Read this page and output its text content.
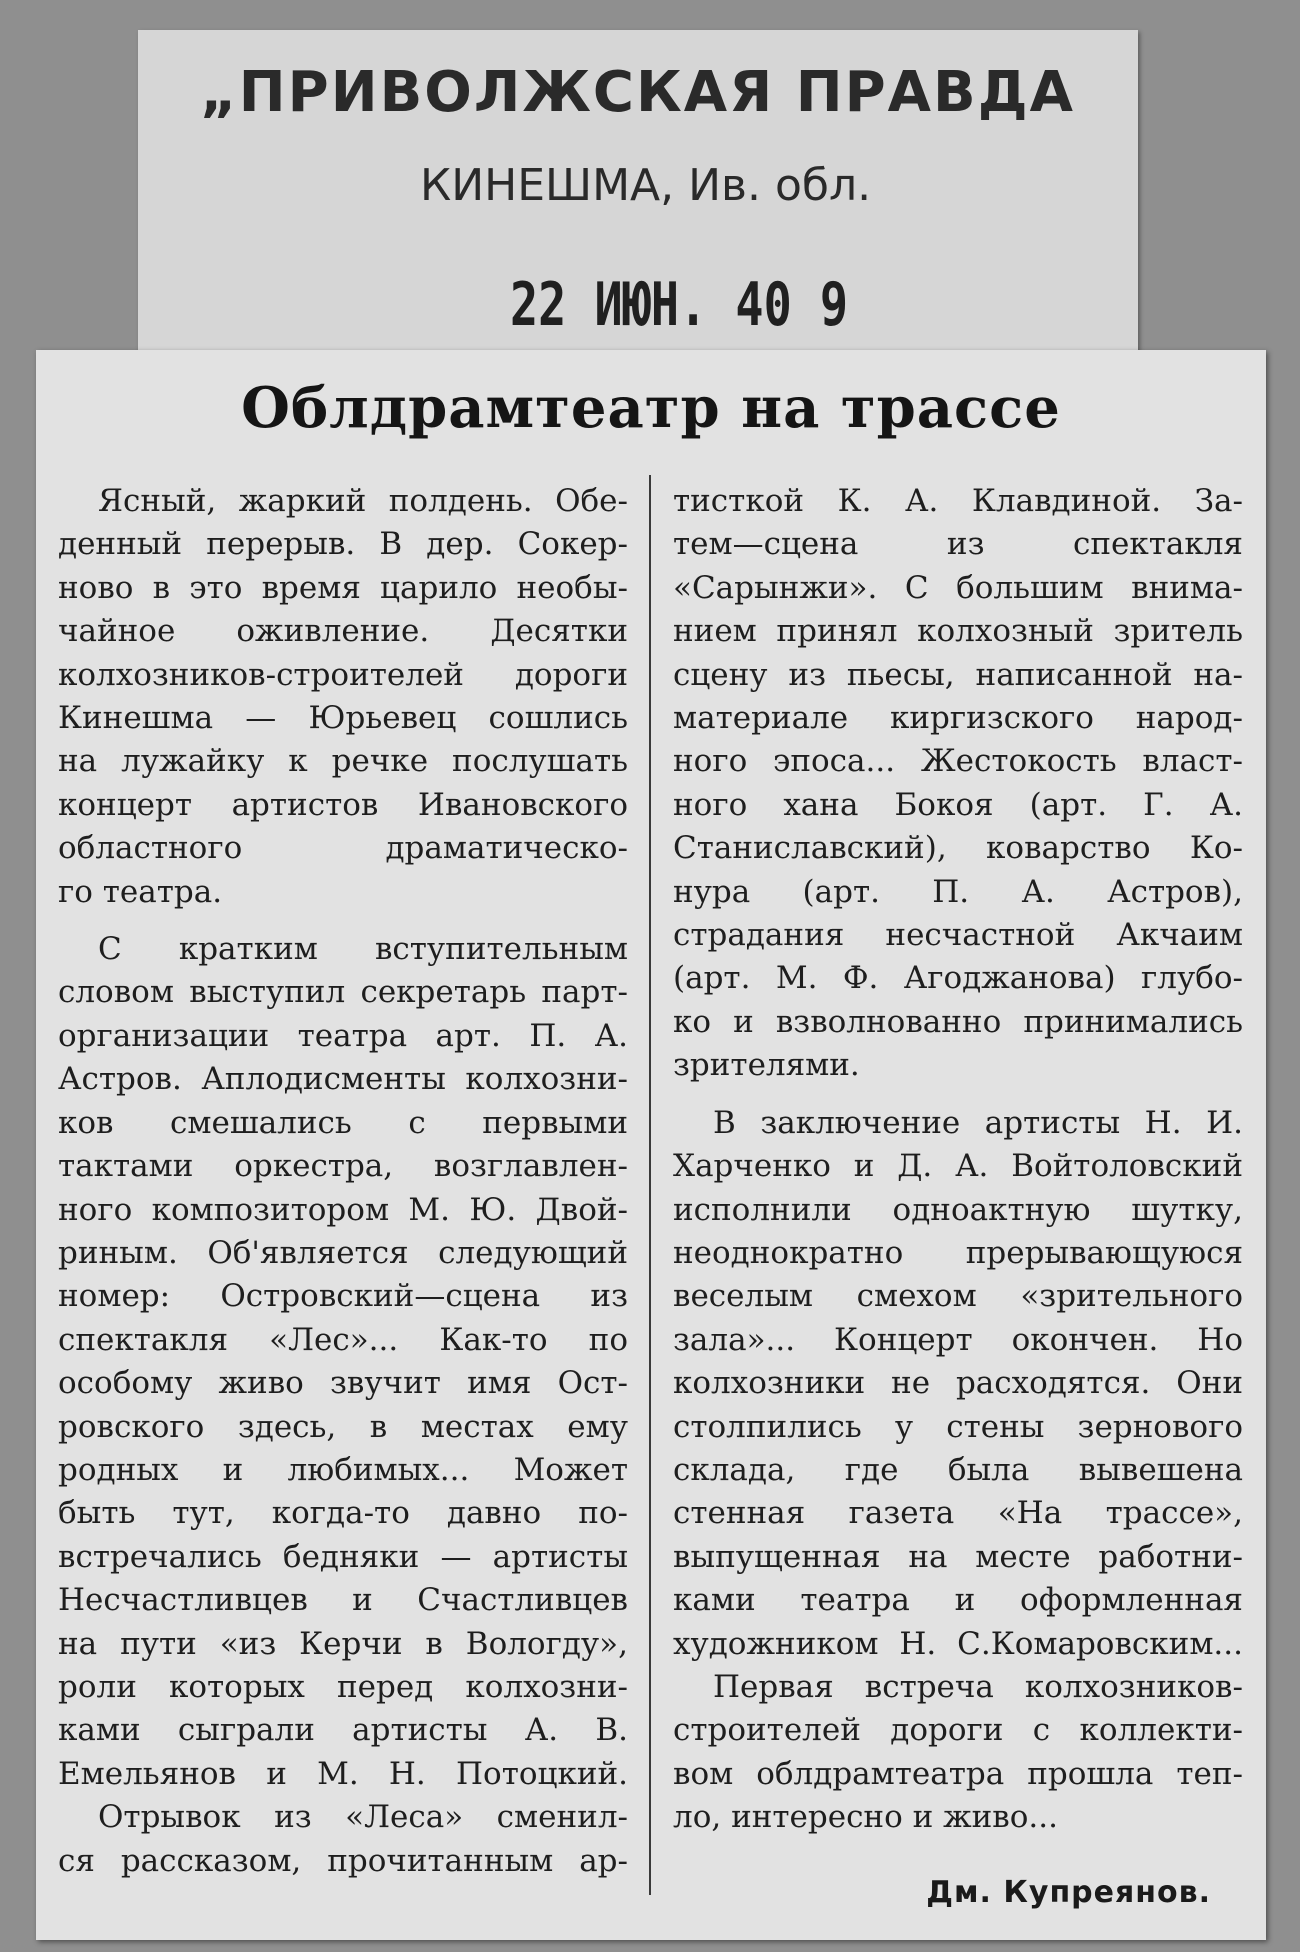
„ПРИВОЛЖСКАЯ ПРАВДА
КИНЕШМА, Ив. обл.
22 ИЮН. 40 9
Облдрамтеатр на трассе
Ясный, жаркий полдень. Обе-
денный перерыв. В дер. Сокер-
ново в это время царило необы-
чайное оживление. Десятки
колхозников-строителей дороги
Кинешма — Юрьевец сошлись
на лужайку к речке послушать
концерт артистов Ивановского
областного драматическо-
го театра.
С кратким вступительным
словом выступил секретарь парт-
организации театра арт. П. А.
Астров. Аплодисменты колхозни-
ков смешались с первыми
тактами оркестра, возглавлен-
ного композитором М. Ю. Двой-
риным. Об'являетcя следующий
номер: Островский—сцена из
спектакля «Лес»... Как-то по
особому живо звучит имя Ост-
ровского здесь, в местах ему
родных и любимых... Может
быть тут, когда-то давно по-
встречались бедняки — артисты
Несчастливцев и Счастливцев
на пути «из Керчи в Вологду»,
роли которых перед колхозни-
ками сыграли артисты А. В.
Емельянов и М. Н. Потоцкий.
Отрывок из «Леса» сменил-
ся рассказом, прочитанным ар-
тисткой К. А. Клавдиной. За-
тем—сцена из спектакля
«Сарынжи». С большим внима-
нием принял колхозный зритель
сцену из пьесы, написанной на-
материале киргизского народ-
ного эпоса... Жестокость власт-
ного хана Бокоя (арт. Г. А.
Станиславский), коварство Ко-
нура (арт. П. А. Астров),
страдания несчастной Акчаим
(арт. М. Ф. Агоджанова) глубо-
ко и взволнованно принимались
зрителями.
В заключение артисты Н. И.
Харченко и Д. А. Войтоловский
исполнили одноактную шутку,
неоднократно прерывающуюся
веселым смехом «зрительного
зала»... Концерт окончен. Но
колхозники не расходятся. Они
столпились у стены зернового
склада, где была вывешена
стенная газета «На трассе»,
выпущенная на месте работни-
ками театра и оформленная
художником Н. С.Комаровским...
Первая встреча колхозников-
строителей дороги с коллекти-
вом облдрамтеатра прошла теп-
ло, интересно и живо...
Дм. Купреянов.
